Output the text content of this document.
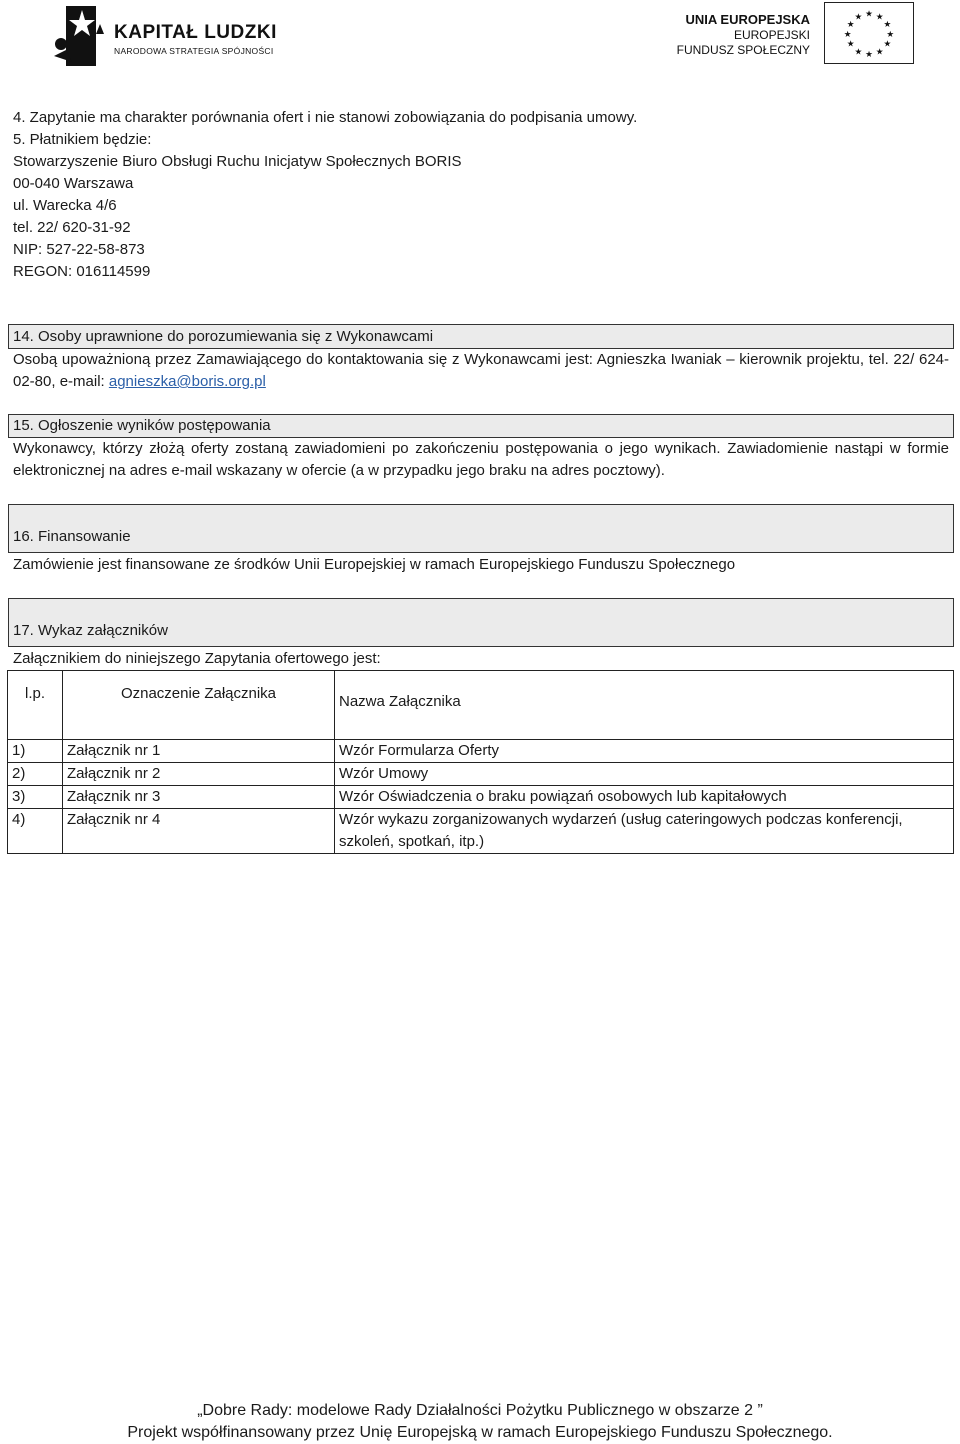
KAPITAŁ LUDZKI
NARODOWA STRATEGIA SPÓJNOŚCI
UNIA EUROPEJSKA
EUROPEJSKI
FUNDUSZ SPOŁECZNY
★ ★
★
★
★
★
★
★
★
★
★
★
4. Zapytanie ma charakter porównania ofert i nie stanowi zobowiązania do podpisania umowy.
5. Płatnikiem będzie:
Stowarzyszenie Biuro Obsługi Ruchu Inicjatyw Społecznych BORIS
00-040 Warszawa
ul. Warecka 4/6
tel. 22/ 620-31-92
NIP: 527-22-58-873
REGON: 016114599
14. Osoby uprawnione do porozumiewania się z Wykonawcami
Osobą upoważnioną przez Zamawiającego do kontaktowania się z Wykonawcami jest: Agnieszka Iwaniak – kierownik projektu, tel. 22/ 624-02-80, e-mail: agnieszka@boris.org.pl
15. Ogłoszenie wyników postępowania
Wykonawcy, którzy złożą oferty zostaną zawiadomieni po zakończeniu postępowania o jego wynikach. Zawiadomienie nastąpi w formie elektronicznej na adres e-mail wskazany w ofercie (a w przypadku jego braku na adres pocztowy).
16. Finansowanie
Zamówienie jest finansowane ze środków Unii Europejskiej w ramach Europejskiego Funduszu Społecznego
17. Wykaz załączników
Załącznikiem do niniejszego Zapytania ofertowego jest:
l.p.	Oznaczenie Załącznika	Nazwa Załącznika
1)	Załącznik nr 1	Wzór Formularza Oferty
2)	Załącznik nr 2	Wzór Umowy
3)	Załącznik nr 3	Wzór Oświadczenia o braku powiązań osobowych lub kapitałowych
4)	Załącznik nr 4	Wzór wykazu zorganizowanych wydarzeń (usług cateringowych podczas konferencji, szkoleń, spotkań, itp.)
„Dobre Rady: modelowe Rady Działalności Pożytku Publicznego w obszarze 2 ”
Projekt współfinansowany przez Unię Europejską w ramach Europejskiego Funduszu Społecznego.
